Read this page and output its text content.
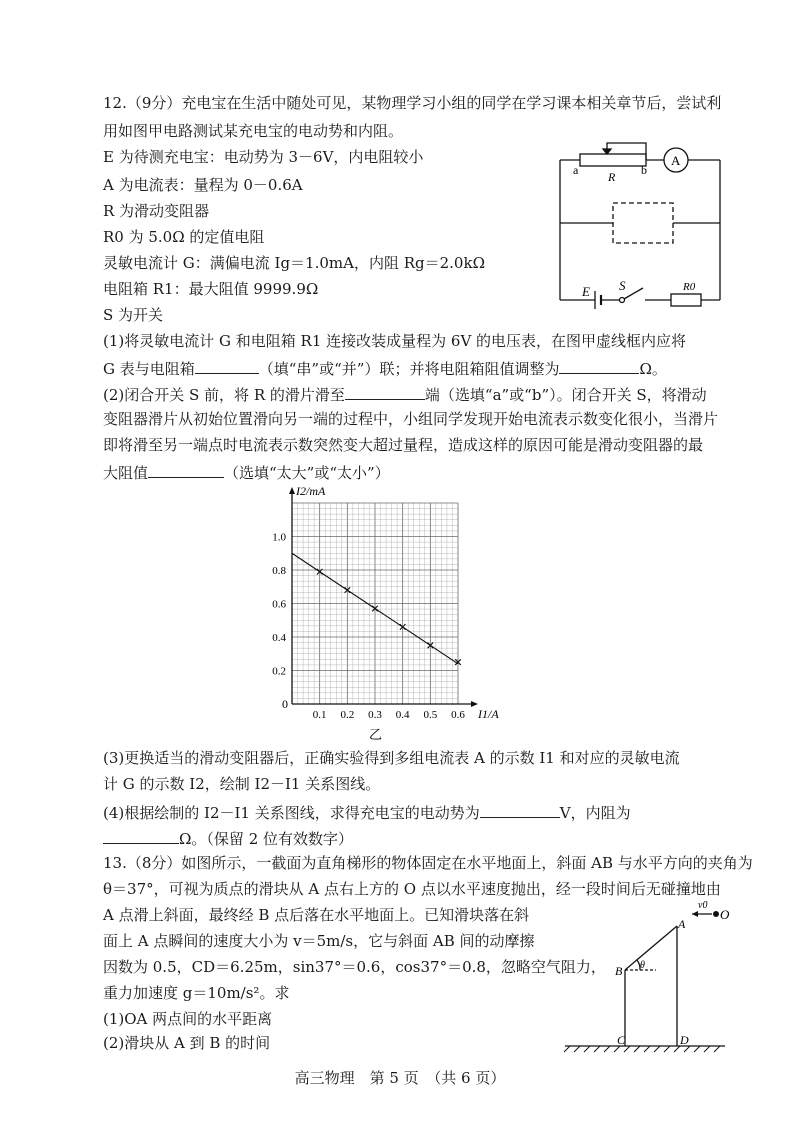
12.（9分）充电宝在生活中随处可见，某物理学习小组的同学在学习课本相关章节后，尝试利
用如图甲电路测试某充电宝的电动势和内阻。
E 为待测充电宝：电动势为 3－6V，内电阻较小
A 为电流表：量程为 0－0.6A
R 为滑动变阻器
R0 为 5.0Ω 的定值电阻
灵敏电流计 G：满偏电流 Ig＝1.0mA，内阻 Rg＝2.0kΩ
电阻箱 R1：最大阻值 9999.9Ω
S 为开关
(1)将灵敏电流计 G 和电阻箱 R1 连接改装成量程为 6V 的电压表，在图甲虚线框内应将
G 表与电阻箱	（填“串”或“并”）联；并将电阻箱阻值调整为	Ω。
(2)闭合开关 S 前，将 R 的滑片滑至	端（选填“a”或“b”）。闭合开关 S，将滑动
变阻器滑片从初始位置滑向另一端的过程中，小组同学发现开始电流表示数变化很小，当滑片
即将滑至另一端点时电流表示数突然变大超过量程，造成这样的原因可能是滑动变阻器的最
大阻值	（选填“太大”或“太小”）
a	b
R
A
E S	R0
0.1 0.2 0.3 0.4 0.5 0.6
0.2
0.4
0.6
0.8
1.0
I2/mA
I1/A
0
乙
(3)更换适当的滑动变阻器后，正确实验得到多组电流表 A 的示数 I1 和对应的灵敏电流
计 G 的示数 I2，绘制 I2－I1 关系图线。
(4)根据绘制的 I2－I1 关系图线，求得充电宝的电动势为	V，内阻为
Ω。（保留 2 位有效数字）
13.（8分）如图所示，一截面为直角梯形的物体固定在水平地面上，斜面 AB 与水平方向的夹角为
θ＝37°，可视为质点的滑块从 A 点右上方的 O 点以水平速度抛出，经一段时间后无碰撞地由
A 点滑上斜面，最终经 B 点后落在水平地面上。已知滑块落在斜
面上 A 点瞬间的速度大小为 v＝5m/s，它与斜面 AB 间的动摩擦
因数为 0.5，CD＝6.25m，sin37°＝0.6，cos37°＝0.8，忽略空气阻力，
重力加速度 g＝10m/s²。求
(1)OA 两点间的水平距离
(2)滑块从 A 到 B 的时间
v0
O
A
B θ
C	D
高三物理　第 5 页　（共 6 页）
